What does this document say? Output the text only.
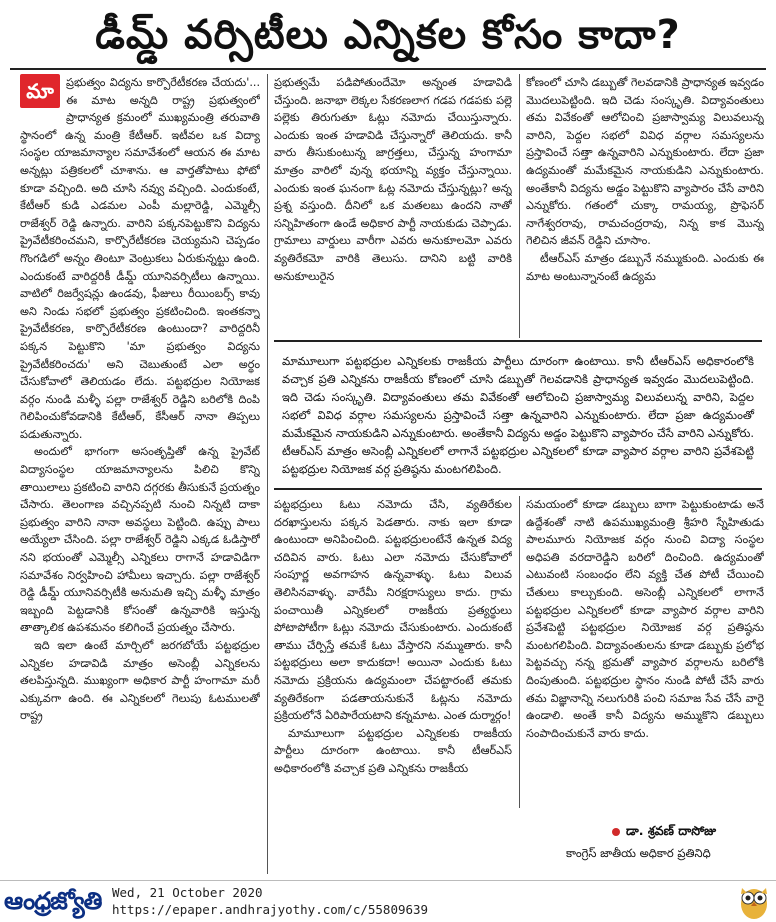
డీమ్డ్ వర్సిటీలు ఎన్నికల కోసం కాదా?
మా	ప్రభుత్వం విద్యను కార్పొరేటీకరణ చేయదు'... ఈ మాట అన్నది రాష్ట్ర ప్రభుత్వంలో ప్రాధాన్యత క్రమంలో ముఖ్యమంత్రి తరువాతి స్థానంలో ఉన్న మంత్రి కేటీఆర్. ఇటీవల ఒక విద్యా సంస్థల యాజమాన్యాల సమావేశంలో ఆయన ఈ మాట అన్నట్లు పత్రికలలో చూశాను. ఆ వార్తతోపాటు ఫోటో కూడా వచ్చింది. అది చూసి నవ్వు వచ్చింది. ఎందుకంటే, కేటీఆర్ కుడి ఎడమల ఎంపీ మల్లారెడ్డి, ఎమ్మెల్సీ రాజేశ్వర్ రెడ్డి ఉన్నారు. వారిని పక్కనపెట్టుకొని విద్యను ప్రైవేటీకరించమని, కార్పొరేటీకరణ చెయ్యమని చెప్పడం గొంగడిలో అన్నం తింటూ వెంట్రుకలు ఏరుకున్నట్టు ఉంది. ఎందుకంటే వారిద్దరికీ డీమ్డ్ యూనివర్సిటీలు ఉన్నాయి. వాటిలో రిజర్వేషన్లు ఉండవు, ఫీజులు రీయింబర్స్ కావు అని నిండు సభలో ప్రభుత్వం ప్రకటించింది. ఇంతకన్నా ప్రైవేటీకరణ, కార్పొరేటీకరణ ఉంటుందా? వారిద్దరినీ పక్కన పెట్టుకొని 'మా ప్రభుత్వం విద్యను ప్రైవేటీకరించదు' అని చెబుతుంటే ఎలా అర్థం చేసుకోవాలో తెలియడం లేదు. పట్టభద్రుల నియోజక వర్గం నుండి మళ్ళీ పల్లా రాజేశ్వర్ రెడ్డిని బరిలోకి దింపి గెలిపించుకోవడానికి కేటీఆర్, కేసీఆర్ నానా తిప్పలు పడుతున్నారు.

అందులో భాగంగా అసంతృప్తితో ఉన్న ప్రైవేట్ విద్యాసంస్థల యాజమాన్యాలను పిలిచి కొన్ని తాయిలాలు ప్రకటించి వారిని దగ్గరకు తీసుకునే ప్రయత్నం చేసారు. తెలంగాణ వచ్చినప్పటి నుంచి నిన్నటి దాకా ప్రభుత్వం వారిని నానా అవస్థలు పెట్టింది. ఉప్పు పాలు అయ్యేలా చేసింది. పల్లా రాజేశ్వర్ రెడ్డిని ఎక్కడ ఓడిస్తారో నని భయంతో ఎమ్మెల్సీ ఎన్నికలు రాగానే హడావిడిగా సమావేశం నిర్వహించి హామీలు ఇచ్చారు. పల్లా రాజేశ్వర్ రెడ్డి డీమ్డ్ యూనివర్సిటీకి అనుమతి ఇచ్చి మళ్ళీ మాత్రం ఇబ్బంది పెట్టడానికి కోసంతో ఉన్నవారికి ఇస్తున్న తాత్కాలిక ఉపశమనం కలిగించే ప్రయత్నం చేసారు.

ఇది ఇలా ఉంటే మార్చిలో జరగబోయే పట్టభద్రుల ఎన్నికల హడావిడి మాత్రం అసెంబ్లీ ఎన్నికలను తలపిస్తున్నది. ముఖ్యంగా అధికార పార్టీ హంగామా మరీ ఎక్కువగా ఉంది. ఈ ఎన్నికలలో గెలుపు ఓటములతో రాష్ట్ర

ప్రభుత్వమే పడిపోతుందేమో అన్నంత హడావిడి చేస్తుంది. జనాభా లెక్కల సేకరణలాగ గడప గడపకు పల్లె పల్లెకు తిరుగుతూ ఓట్లు నమోదు చేయిస్తున్నారు. ఎందుకు ఇంత హడావిడి చేస్తున్నారో తెలియదు. కానీ వారు తీసుకుంటున్న జాగ్రత్తలు, చేస్తున్న హంగామా మాత్రం వారిలో వున్న భయాన్ని వ్యక్తం చేస్తున్నాయి. ఎందుకు ఇంత ఘనంగా ఓట్ల నమోదు చేస్తున్నట్లు? అన్న ప్రశ్న వస్తుంది. దీనిలో ఒక మతలబు ఉందని నాతో సన్నిహితంగా ఉండే అధికార పార్టీ నాయకుడు చెప్పాడు. గ్రామాలు వార్డులు వారీగా ఎవరు అనుకూలమో ఎవరు వ్యతిరేకమో వారికి తెలుసు. దానిని బట్టి వారికి అనుకూలురైన

కోణంలో చూసి డబ్బుతో గెలవడానికి ప్రాధాన్యత ఇవ్వడం మొదలుపెట్టింది. ఇది చెడు సంస్కృతి. విద్యావంతులు తమ వివేకంతో ఆలోచించి ప్రజాస్వామ్య విలువలున్న వారిని, పెద్దల సభలో వివిధ వర్గాల సమస్యలను ప్రస్తావించే సత్తా ఉన్నవారిని ఎన్నుకుంటారు. లేదా ప్రజా ఉద్యమంతో మమేకమైన నాయకుడిని ఎన్నుకుంటారు. అంతేకానీ విద్యను అడ్డం పెట్టుకొని వ్యాపారం చేసే వారిని ఎన్నుకోరు. గతంలో చుక్కా రామయ్య, ప్రొఫెసర్ నాగేశ్వరరావు, రామచంద్రరావు, నిన్న కాక మొన్న గెలిచిన జీవన్ రెడ్డిని చూసాం.

టీఆర్ఎస్ మాత్రం డబ్బునే నమ్ముకుంది. ఎందుకు ఈ మాట అంటున్నానంటే ఉద్యమ

మామూలుగా పట్టభద్రుల ఎన్నికలకు రాజకీయ పార్టీలు దూరంగా ఉంటాయి. కానీ టీఆర్ఎస్ అధికారంలోకి వచ్చాక ప్రతి ఎన్నికను రాజకీయ కోణంలో చూసి డబ్బుతో గెలవడానికి ప్రాధాన్యత ఇవ్వడం మొదలుపెట్టింది. ఇది చెడు సంస్కృతి. విద్యావంతులు తమ వివేకంతో ఆలోచించి ప్రజాస్వామ్య విలువలున్న వారిని, పెద్దల సభలో వివిధ వర్గాల సమస్యలను ప్రస్తావించే సత్తా ఉన్నవారిని ఎన్నుకుంటారు. లేదా ప్రజా ఉద్యమంతో మమేకమైన నాయకుడిని ఎన్నుకుంటారు. అంతేకానీ విద్యను అడ్డం పెట్టుకొని వ్యాపారం చేసే వారిని ఎన్నుకోరు. టీఆర్ఎస్ మాత్రం అసెంబ్లీ ఎన్నికలలో లాగానే పట్టభద్రుల ఎన్నికలలో కూడా వ్యాపార వర్గాల వారిని ప్రవేశపెట్టి పట్టభద్రుల నియోజక వర్గ ప్రతిష్ఠను మంటగలిపింది.

పట్టభద్రులు ఓటు నమోదు చేసి, వ్యతిరేకుల దరఖాస్తులను పక్కన పెడతారు. నాకు ఇలా కూడా ఉంటుందా అనిపించింది. పట్టభద్రులంటేనే ఉన్నత విద్య చదివిన వారు. ఓటు ఎలా నమోదు చేసుకోవాలో సంపూర్ణ అవగాహన ఉన్నవాళ్ళు. ఓటు విలువ తెలిసినవాళ్ళు. వారేమీ నిరక్షరాస్యులు కాదు. గ్రామ పంచాయితీ ఎన్నికలలో రాజకీయ ప్రత్యర్థులు పోటాపోటీగా ఓట్లు నమోదు చేసుకుంటారు. ఎందుకంటే తాము చేర్పిస్తే తమకే ఓటు వేస్తారని నమ్ముతారు. కానీ పట్టభద్రులు అలా కాదుకదా! అయినా ఎందుకు ఓటు నమోదు ప్రక్రియను ఉద్యమంలా చేపట్టారంటే తమకు వ్యతిరేకంగా పడతాయనుకునే ఓట్లను నమోదు ప్రక్రియలోనే ఏరిపారేయటాని కన్నమాట. ఎంత దుర్మార్గం!

మామూలుగా పట్టభద్రుల ఎన్నికలకు రాజకీయ పార్టీలు దూరంగా ఉంటాయి. కానీ టీఆర్ఎస్ అధికారంలోకి వచ్చాక ప్రతి ఎన్నికను రాజకీయ

సమయంలో కూడా డబ్బులు బాగా పెట్టుకుంటాడు అనే ఉద్దేశంతో నాటి ఉపముఖ్యమంత్రి శ్రీహరి స్నేహితుడు పాలమూరు నియోజక వర్గం నుంచి విద్యా సంస్థల అధిపతి వరదారెడ్డిని బరిలో దించింది. ఉద్యమంతో ఎటువంటి సంబంధం లేని వ్యక్తి చేత పోటీ చేయించి చేతులు కాల్చుకుంది. అసెంబ్లీ ఎన్నికలలో లాగానే పట్టభద్రుల ఎన్నికలలో కూడా వ్యాపార వర్గాల వారిని ప్రవేశపెట్టి పట్టభద్రుల నియోజక వర్గ ప్రతిష్ఠను మంటగలిపింది. విద్యావంతులను కూడా డబ్బుకు ప్రలోభ పెట్టవచ్చు నన్న భ్రమతో వ్యాపార వర్గాలను బరిలోకి దింపుతుంది. పట్టభద్రుల స్థానం నుండి పోటీ చేసే వారు తమ విజ్ఞానాన్ని నలుగురికి పంచి సమాజ సేవ చేసే వారై ఉండాలి. అంతే కానీ విద్యను అమ్ముకొని డబ్బులు సంపాదించుకునే వారు కాదు.

డా. శ్రవణ్ దాసోజు
కాంగ్రెస్ జాతీయ అధికార ప్రతినిధి
ఆంధ్రజ్యోతి Wed, 21 October 2020
https://epaper.andhrajyothy.com/c/55809639
